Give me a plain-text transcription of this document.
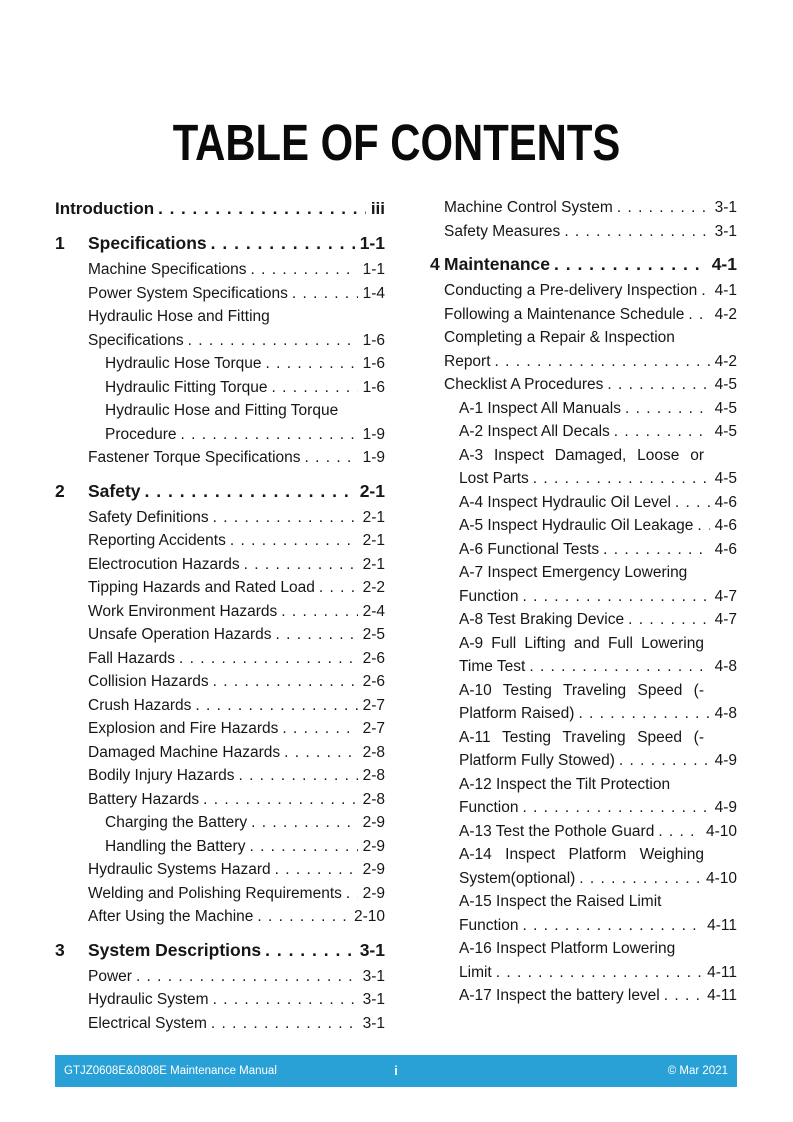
TABLE OF CONTENTS
Introduction . . .	iii
1	Specifications . . .	1-1
Machine Specifications . . .	1-1
Power System Specifications . . .	1-4
Hydraulic Hose and Fitting
Specifications . . .	1-6
Hydraulic Hose Torque . . .	1-6
Hydraulic Fitting Torque . . .	1-6
Hydraulic Hose and Fitting Torque
Procedure . . .	1-9
Fastener Torque Specifications . . .	1-9
2	Safety . . .	2-1
Safety Definitions . . .	2-1
Reporting Accidents . . .	2-1
Electrocution Hazards . . .	2-1
Tipping Hazards and Rated Load . . .	2-2
Work Environment Hazards . . .	2-4
Unsafe Operation Hazards . . .	2-5
Fall Hazards . . .	2-6
Collision Hazards . . .	2-6
Crush Hazards . . .	2-7
Explosion and Fire Hazards . . .	2-7
Damaged Machine Hazards . . .	2-8
Bodily Injury Hazards . . .	2-8
Battery Hazards . . .	2-8
Charging the Battery . . .	2-9
Handling the Battery . . .	2-9
Hydraulic Systems Hazard . . .	2-9
Welding and Polishing Requirements . . . 2-9
After Using the Machine . . .	2-10
3	System Descriptions . . .	3-1
Power . . .	3-1
Hydraulic System . . .	3-1
Electrical System . . .	3-1
Machine Control System . . .	3-1
Safety Measures . . .	3-1
4 Maintenance . . .	4-1
Conducting a Pre-delivery Inspection . . . 4-1
Following a Maintenance Schedule . . . 4-2
Completing a Repair & Inspection
Report . . .	4-2
Checklist A Procedures . . .	4-5
A-1 Inspect All Manuals . . .	4-5
A-2 Inspect All Decals . . .	4-5
A-3 Inspect Damaged, Loose or
Lost Parts . . .	4-5
A-4 Inspect Hydraulic Oil Level . . .	4-6
A-5 Inspect Hydraulic Oil Leakage . . . 4-6
A-6 Functional Tests . . .	4-6
A-7 Inspect Emergency Lowering
Function . . .	4-7
A-8 Test Braking Device . . .	4-7
A-9 Full Lifting and Full Lowering
Time Test . . .	4-8
A-10 Testing Traveling Speed (-
Platform Raised) . . .	4-8
A-11 Testing Traveling Speed (-
Platform Fully Stowed) . . .	4-9
A-12 Inspect the Tilt Protection
Function . . .	4-9
A-13 Test the Pothole Guard . . .	4-10
A-14 Inspect Platform Weighing
System(optional) . . .	4-10
A-15 Inspect the Raised Limit
Function . . .	4-11
A-16 Inspect Platform Lowering
Limit . . .	4-11
A-17 Inspect the battery level . . .	4-11
GTJZ0608E&0808E Maintenance Manual	i	© Mar 2021
